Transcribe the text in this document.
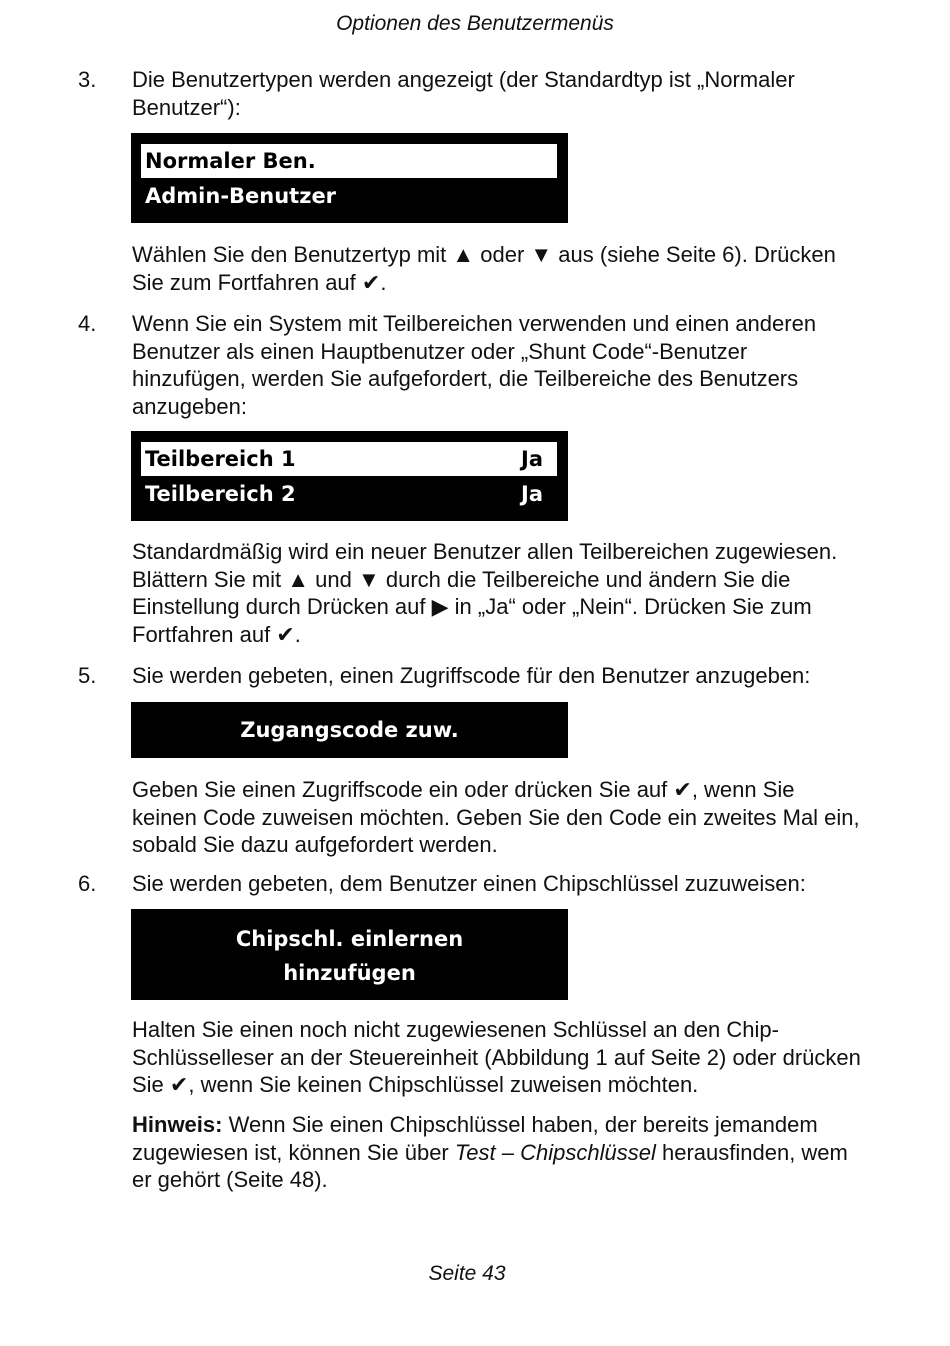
Optionen des Benutzermenüs
3. Die Benutzertypen werden angezeigt (der Standardtyp ist „Normaler Benutzer“):
Normaler Ben.
Admin-Benutzer
Wählen Sie den Benutzertyp mit ▲ oder ▼ aus (siehe Seite 6). Drücken Sie zum Fortfahren auf ✔.
4. Wenn Sie ein System mit Teilbereichen verwenden und einen anderen Benutzer als einen Hauptbenutzer oder „Shunt Code“-Benutzer hinzufügen, werden Sie aufgefordert, die Teilbereiche des Benutzers anzugeben:
Teilbereich 1	Ja
Teilbereich 2	Ja
Standardmäßig wird ein neuer Benutzer allen Teilbereichen zugewiesen. Blättern Sie mit ▲ und ▼ durch die Teilbereiche und ändern Sie die Einstellung durch Drücken auf ▶ in „Ja“ oder „Nein“. Drücken Sie zum Fortfahren auf ✔.
5. Sie werden gebeten, einen Zugriffscode für den Benutzer anzugeben:
Zugangscode zuw.
Geben Sie einen Zugriffscode ein oder drücken Sie auf ✔, wenn Sie keinen Code zuweisen möchten. Geben Sie den Code ein zweites Mal ein, sobald Sie dazu aufgefordert werden.
6. Sie werden gebeten, dem Benutzer einen Chipschlüssel zuzuweisen:
Chipschl. einlernen
hinzufügen
Halten Sie einen noch nicht zugewiesenen Schlüssel an den Chip-Schlüsselleser an der Steuereinheit (Abbildung 1 auf Seite 2) oder drücken Sie ✔, wenn Sie keinen Chipschlüssel zuweisen möchten.
Hinweis: Wenn Sie einen Chipschlüssel haben, der bereits jemandem zugewiesen ist, können Sie über Test – Chipschlüssel herausfinden, wem er gehört (Seite 48).
Seite 43
